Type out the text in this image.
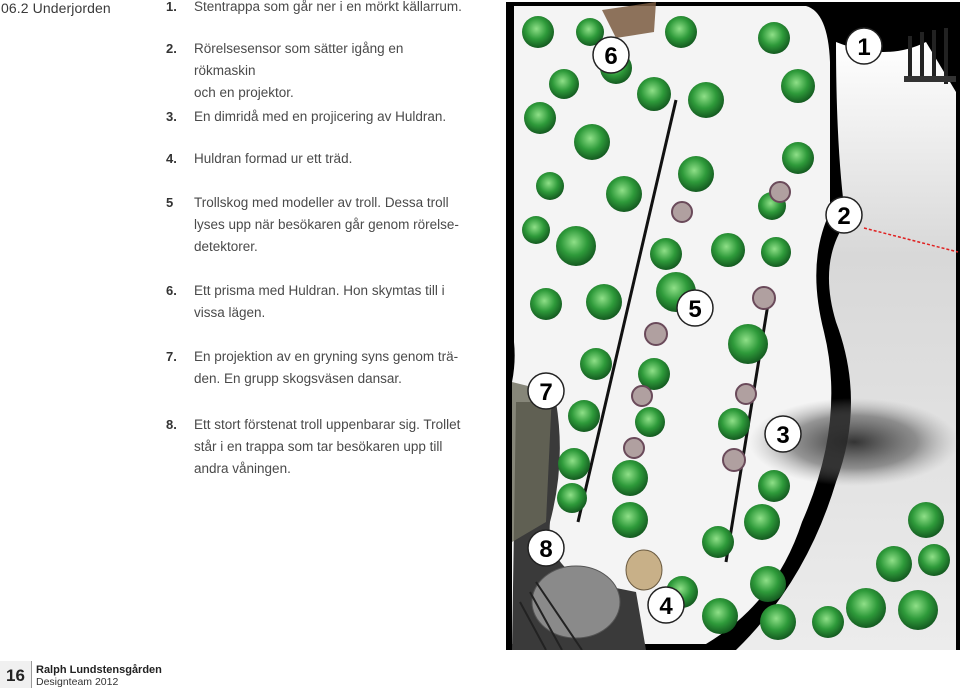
06.2 Underjorden	1.	Stentrappa som går ner i en mörkt källarrum.
2.	Rörelsesensor som sätter igång en rökmaskin
och en projektor.
3.	En dimridå med en projicering av Huldran.
4.	Huldran formad ur ett träd.
5	Trollskog med modeller av troll. Dessa troll
lyses upp när besökaren går genom rörelse-
detektorer.
6.	Ett prisma med Huldran. Hon skymtas till i
vissa lägen.
7.	En projektion av en gryning syns genom trä-
den. En grupp skogsväsen dansar.
8.	Ett stort förstenat troll uppenbarar sig. Trollet
står i en trappa som tar besökaren upp till
andra våningen.
1
2
3
4
5
6
7
8
16	Ralph Lundstensgården
Designteam 2012
